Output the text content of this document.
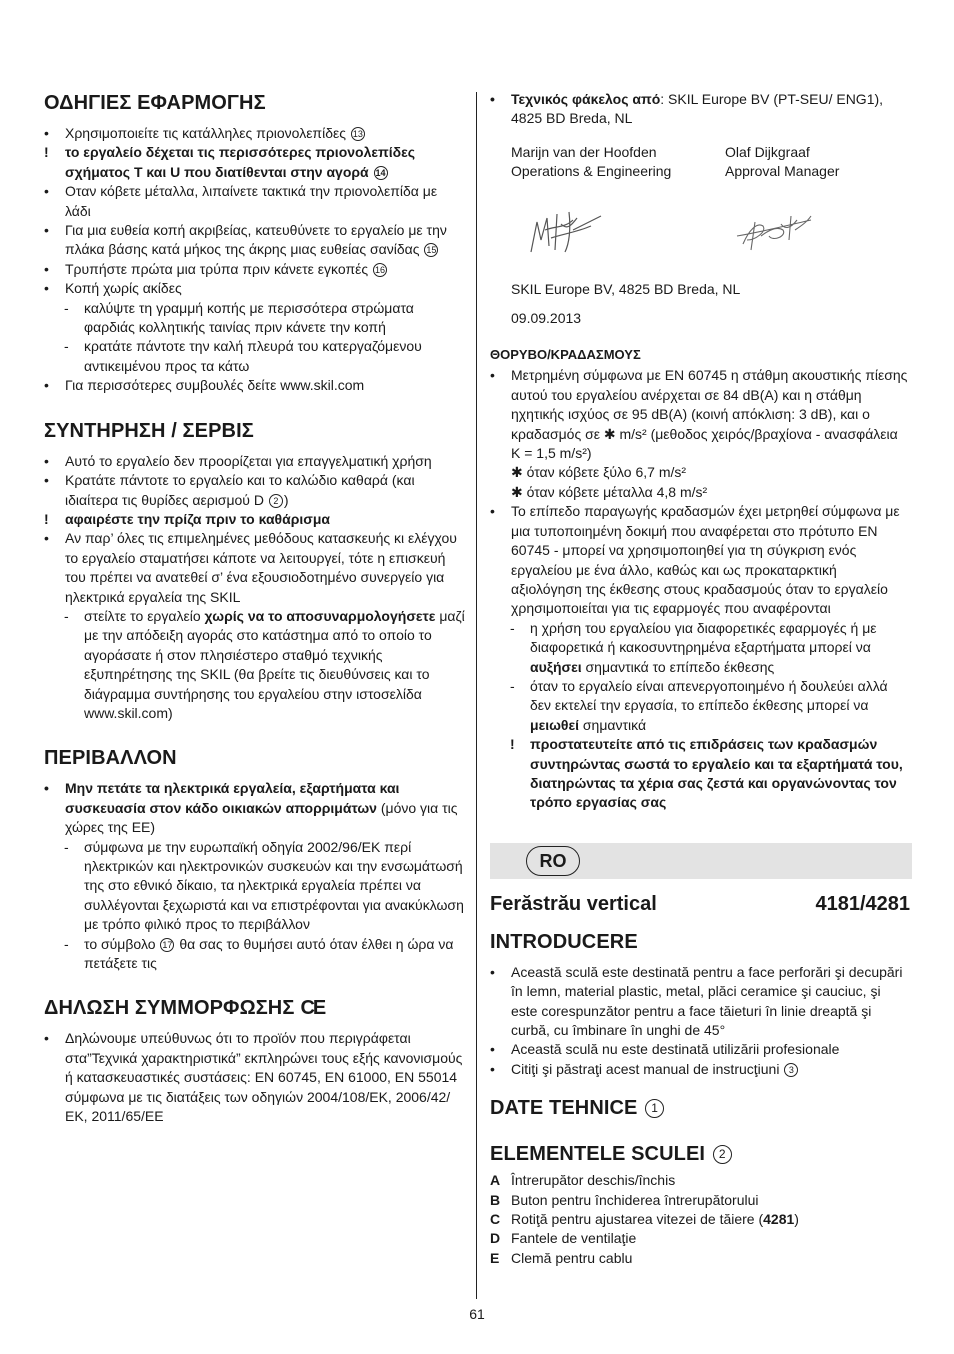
ΟΔΗΓΙΕΣ ΕΦΑΡΜΟΓΗΣ
•	Χρησιμοποιείτε τις κατάλληλες πριονολεπίδες 13
!	το εργαλείο δέχεται τις περισσότερες πριονολεπίδες σχήματος T και U που διατίθενται στην αγορά 14
•	Οταν κόβετε μέταλλα, λιπαίνετε τακτικά την πριονολεπίδα με λάδι
•	Για μια ευθεία κοπή ακριβείας, κατευθύνετε το εργαλείο με την πλάκα βάσης κατά μήκος της άκρης μιας ευθείας σανίδας 15
•	Τρυπήστε πρώτα μια τρύπα πριν κάνετε εγκοπές 16
•	Κοπή χωρίς ακίδες
- καλύψτε τη γραμμή κοπής με περισσότερα στρώματα φαρδιάς κολλητικής ταινίας πριν κάνετε την κοπή
- κρατάτε πάντοτε την καλή πλευρά του κατεργαζόμενου αντικειμένου προς τα κάτω
•	Για περισσότερες συμβουλές δείτε www.skil.com
ΣΥΝΤΗΡΗΣΗ / ΣΕΡΒΙΣ
•	Αυτό το εργαλείο δεν προορίζεται για επαγγελματική χρήση
•	Κρατάτε πάντοτε το εργαλείο και το καλώδιο καθαρά (και ιδιαίτερα τις θυρίδες αερισμού D 2 )
!	αφαιρέστε την πρίζα πριν το καθάρισμα
•	Αν παρ’ όλες τις επιμελημένες μεθόδους κατασκευής κι ελέγχου το εργαλείο σταματήσει κάποτε να λειτουργεί, τότε η επισκευή του πρέπει να ανατεθεί σ’ ένα εξουσιοδοτημένο συνεργείο για ηλεκτρικά εργαλεία της SKIL
- στείλτε το εργαλείο χωρίς να το αποσυναρμολογήσετε μαζί με την απόδειξη αγοράς στο κατάστημα από το οποίο το αγοράσατε ή στον πλησιέστερο σταθμό τεχνικής εξυπηρέτησης της SKIL (θα βρείτε τις διευθύνσεις και το διάγραμμα συντήρησης του εργαλείου στην ιστοσελίδα www.skil.com)
ΠΕΡΙΒΑΛΛΟΝ
•	Μην πετάτε τα ηλεκτρικά εργαλεία, εξαρτήματα και συσκευασία στον κάδο οικιακών απορριμάτων (μόνο για τις χώρες της ΕΕ)
- σύμφωνα με την ευρωπαϊκή οδηγία 2002/96/ΕΚ περί ηλεκτρικών και ηλεκτρονικών συσκευών και την ενσωμάτωσή της στο εθνικό δίκαιο, τα ηλεκτρικά εργαλεία πρέπει να συλλέγονται ξεχωριστά και να επιστρέφονται για ανακύκλωση με τρόπο φιλικό προς το περιβάλλον
- το σύμβολο 17 θα σας το θυμήσει αυτό όταν έλθει η ώρα να πετάξετε τις
ΔΗΛΩΣΗ ΣΥΜΜΟΡΦΩΣΗΣ CE
•	Δηλώνουμε υπεύθυνως ότι το προϊόν που περιγράφεται στα”Τεχνικά χαρακτηριστικά” εκπληρώνει τους εξής κανονισμούς ή κατασκευαστικές συστάσεις: EN 60745, EN 61000, EN 55014 σύμφωνα με τις διατάξεις των οδηγιών 2004/108/ΕΚ, 2006/42/ΕΚ, 2011/65/ΕΕ
•	Τεχνικός φάκελος από: SKIL Europe BV (PT-SEU/ ENG1), 4825 BD Breda, NL
Marijn van der Hoofden	Olaf Dijkgraaf
Operations & Engineering	Approval Manager
SKIL Europe BV, 4825 BD Breda, NL
09.09.2013
ΘΟΡΥΒΟ/ΚΡΑΔΑΣΜΟΥΣ
•	Μετρημένη σύμφωνα με EN 60745 η στάθμη ακουστικής πίεσης αυτού του εργαλείου ανέρχεται σε 84 dB(A) και η στάθμη ηχητικής ισχύος σε 95 dB(A) (κοινή απόκλιση: 3 dB), και ο κραδασμός σε ✱ m/s² (μεθοδος χειρός/βραχίονα - ανασφάλεια K = 1,5 m/s²)
✱ όταν κόβετε ξύλο 6,7 m/s²
✱ όταν κόβετε μέταλλα 4,8 m/s²
•	Το επίπεδο παραγωγής κραδασμών έχει μετρηθεί σύμφωνα με μια τυποποιημένη δοκιμή που αναφέρεται στο πρότυπο EN 60745 - μπορεί να χρησιμοποιηθεί για τη σύγκριση ενός εργαλείου με ένα άλλο, καθώς και ως προκαταρκτική αξιολόγηση της έκθεσης στους κραδασμούς όταν το εργαλείο χρησιμοποιείται για τις εφαρμογές που αναφέρονται
- η χρήση του εργαλείου για διαφορετικές εφαρμογές ή με διαφορετικά ή κακοσυντηρημένα εξαρτήματα μπορεί να αυξήσει σημαντικά το επίπεδο έκθεσης
- όταν το εργαλείο είναι απενεργοποιημένο ή δουλεύει αλλά δεν εκτελεί την εργασία, το επίπεδο έκθεσης μπορεί να μειωθεί σημαντικά
! προστατευτείτε από τις επιδράσεις των κραδασμών συντηρώντας σωστά το εργαλείο και τα εξαρτήματά του, διατηρώντας τα χέρια σας ζεστά και οργανώνοντας τον τρόπο εργασίας σας
RO
Ferăstrău vertical	4181/4281
INTRODUCERE
•	Această sculă este destinată pentru a face perforări şi decupări în lemn, material plastic, metal, plăci ceramice şi cauciuc, şi este corespunzător pentru a face tăieturi în linie dreaptă şi curbă, cu îmbinare în unghi de 45°
•	Această sculă nu este destinată utilizării profesionale
•	Citiţi şi păstraţi acest manual de instrucţiuni 3
DATE TEHNICE 1
ELEMENTELE SCULEI 2
A Întrerupător deschis/închis
B Buton pentru închiderea întrerupătorului
C Rotiţă pentru ajustarea vitezei de tăiere (4281)
D Fantele de ventilaţie
E Clemă pentru cablu
61
